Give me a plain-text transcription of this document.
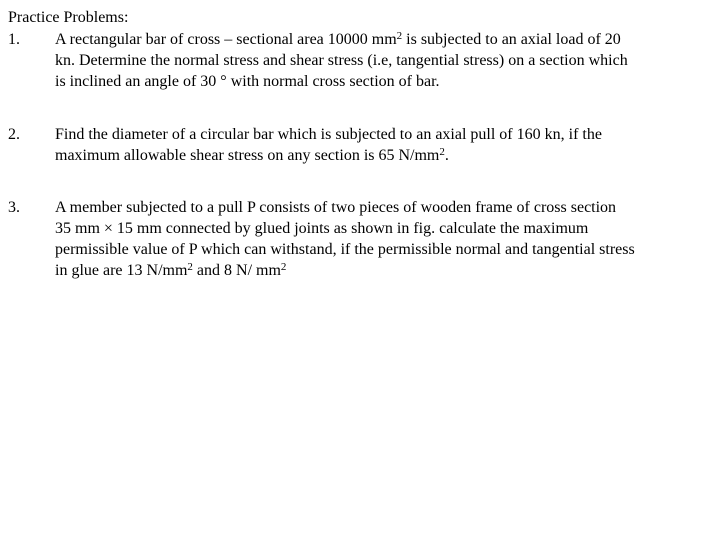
Practice Problems:
1. A rectangular bar of cross – sectional area 10000 $mm^2$ is subjected to an axial load of 20
kn. Determine the normal stress and shear stress (i.e, tangential stress) on a section which
is inclined an angle of 30 ° with normal cross section of bar.
2. Find the diameter of a circular bar which is subjected to an axial pull of 160 kn, if the
maximum allowable shear stress on any section is 65 $N/mm^2$.
3. A member subjected to a pull P consists of two pieces of wooden frame of cross section
35 mm × 15 mm connected by glued joints as shown in fig. calculate the maximum
permissible value of P which can withstand, if the permissible normal and tangential stress
in glue are 13 $N/mm^2$ and 8 N/ $mm^2$
